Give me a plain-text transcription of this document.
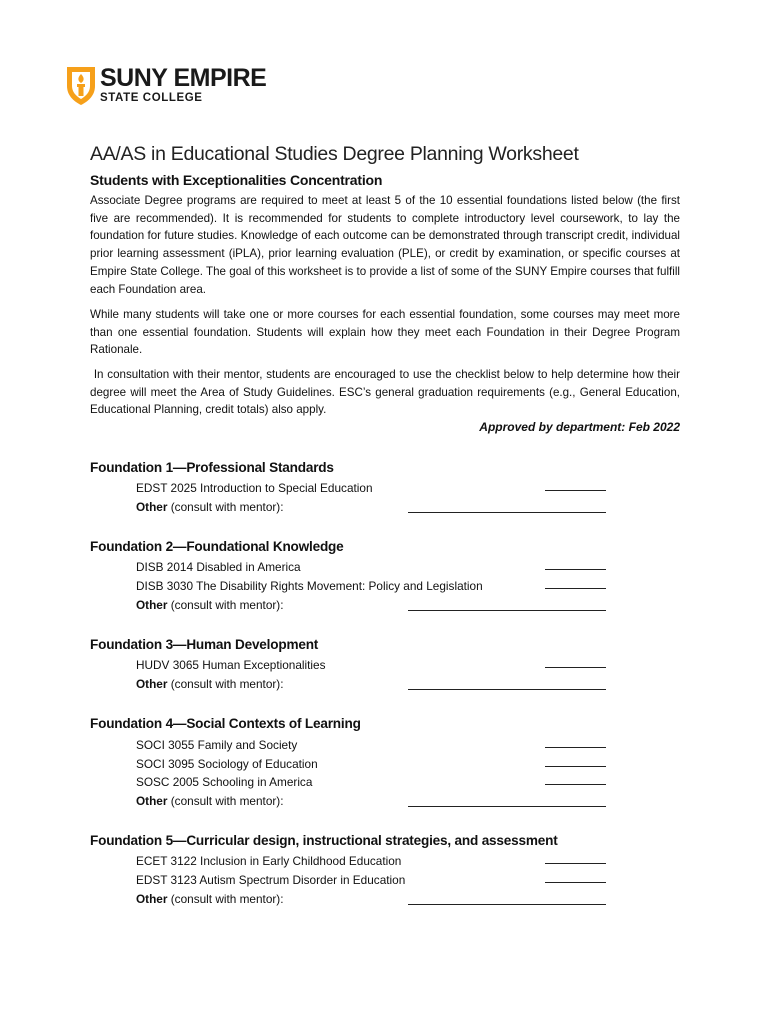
SUNY EMPIRE
STATE COLLEGE
AA/AS in Educational Studies Degree Planning Worksheet
Students with Exceptionalities Concentration

Associate Degree programs are required to meet at least 5 of the 10 essential foundations listed below (the first five are recommended). It is recommended for students to complete introductory level coursework, to lay the foundation for future studies. Knowledge of each outcome can be demonstrated through transcript credit, individual prior learning assessment (iPLA), prior learning evaluation (PLE), or credit by examination, or specific courses at Empire State College. The goal of this worksheet is to provide a list of some of the SUNY Empire courses that fulfill each Foundation area.

While many students will take one or more courses for each essential foundation, some courses may meet more than one essential foundation. Students will explain how they meet each Foundation in their Degree Program Rationale.

In consultation with their mentor, students are encouraged to use the checklist below to help determine how their degree will meet the Area of Study Guidelines. ESC’s general graduation requirements (e.g., General Education, Educational Planning, credit totals) also apply.

Approved by department: Feb 2022
Foundation 1—Professional Standards
EDST 2025 Introduction to Special Education
Other (consult with mentor):
Foundation 2—Foundational Knowledge
DISB 2014 Disabled in America
DISB 3030 The Disability Rights Movement: Policy and Legislation
Other (consult with mentor):
Foundation 3—Human Development
HUDV 3065 Human Exceptionalities
Other (consult with mentor):
Foundation 4—Social Contexts of Learning
SOCI 3055 Family and Society
SOCI 3095 Sociology of Education
SOSC 2005 Schooling in America
Other (consult with mentor):
Foundation 5—Curricular design, instructional strategies, and assessment
ECET 3122 Inclusion in Early Childhood Education
EDST 3123 Autism Spectrum Disorder in Education
Other (consult with mentor):
